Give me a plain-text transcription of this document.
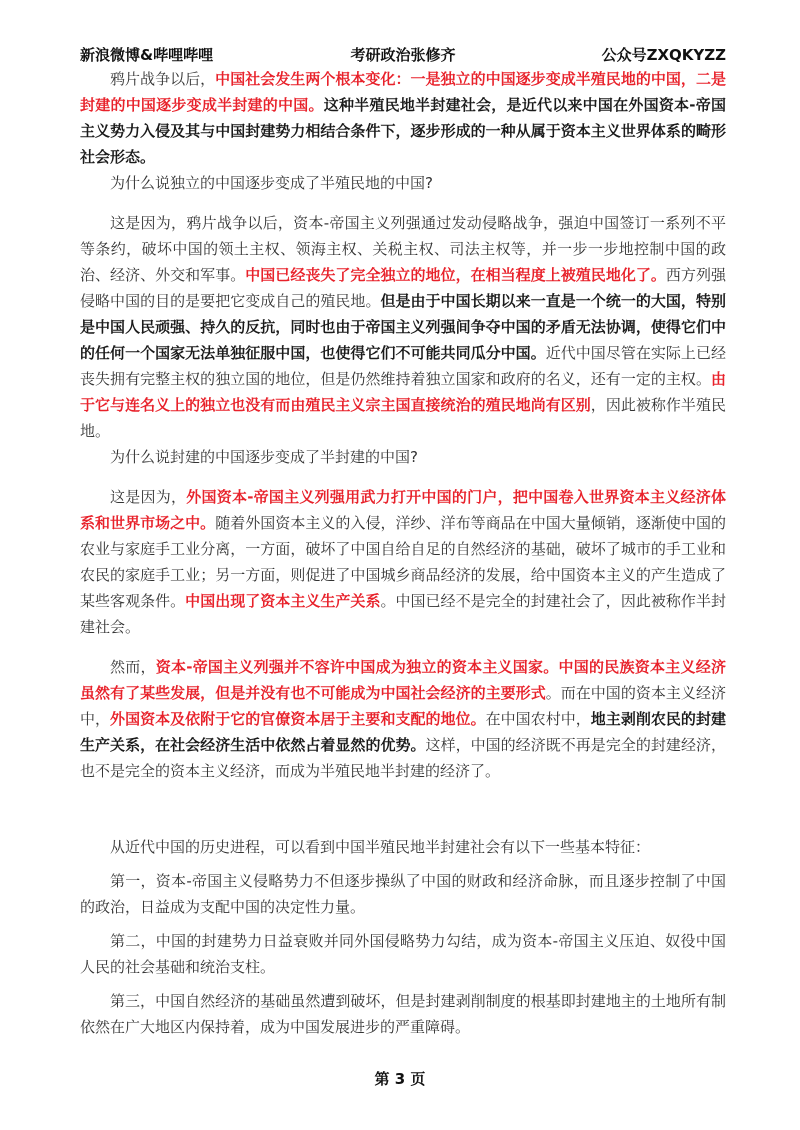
考研政治张修齐
新浪微博&哔哩哔哩	公众号ZXQKYZZ

鸦片战争以后，中国社会发生两个根本变化：一是独立的中国逐步变成半殖民地的中国，二是封建的中国逐步变成半封建的中国。这种半殖民地半封建社会，是近代以来中国在外国资本-帝国主义势力入侵及其与中国封建势力相结合条件下，逐步形成的一种从属于资本主义世界体系的畸形社会形态。

为什么说独立的中国逐步变成了半殖民地的中国?

这是因为，鸦片战争以后，资本-帝国主义列强通过发动侵略战争，强迫中国签订一系列不平等条约，破坏中国的领土主权、领海主权、关税主权、司法主权等，并一步一步地控制中国的政治、经济、外交和军事。中国已经丧失了完全独立的地位，在相当程度上被殖民地化了。西方列强侵略中国的目的是要把它变成自己的殖民地。但是由于中国长期以来一直是一个统一的大国，特别是中国人民顽强、持久的反抗，同时也由于帝国主义列强间争夺中国的矛盾无法协调，使得它们中的任何一个国家无法单独征服中国，也使得它们不可能共同瓜分中国。近代中国尽管在实际上已经丧失拥有完整主权的独立国的地位，但是仍然维持着独立国家和政府的名义，还有一定的主权。由于它与连名义上的独立也没有而由殖民主义宗主国直接统治的殖民地尚有区别，因此被称作半殖民地。

为什么说封建的中国逐步变成了半封建的中国?

这是因为，外国资本-帝国主义列强用武力打开中国的门户，把中国卷入世界资本主义经济体系和世界市场之中。随着外国资本主义的入侵，洋纱、洋布等商品在中国大量倾销，逐渐使中国的农业与家庭手工业分离，一方面，破坏了中国自给自足的自然经济的基础，破坏了城市的手工业和农民的家庭手工业；另一方面，则促进了中国城乡商品经济的发展，给中国资本主义的产生造成了某些客观条件。中国出现了资本主义生产关系。中国已经不是完全的封建社会了，因此被称作半封建社会。

然而，资本-帝国主义列强并不容许中国成为独立的资本主义国家。中国的民族资本主义经济虽然有了某些发展，但是并没有也不可能成为中国社会经济的主要形式。而在中国的资本主义经济中，外国资本及依附于它的官僚资本居于主要和支配的地位。在中国农村中，地主剥削农民的封建生产关系，在社会经济生活中依然占着显然的优势。这样，中国的经济既不再是完全的封建经济，也不是完全的资本主义经济，而成为半殖民地半封建的经济了。

从近代中国的历史进程，可以看到中国半殖民地半封建社会有以下一些基本特征：

第一，资本-帝国主义侵略势力不但逐步操纵了中国的财政和经济命脉，而且逐步控制了中国的政治，日益成为支配中国的决定性力量。

第二，中国的封建势力日益衰败并同外国侵略势力勾结，成为资本-帝国主义压迫、奴役中国人民的社会基础和统治支柱。

第三，中国自然经济的基础虽然遭到破坏，但是封建剥削制度的根基即封建地主的土地所有制依然在广大地区内保持着，成为中国发展进步的严重障碍。

第 3 页
